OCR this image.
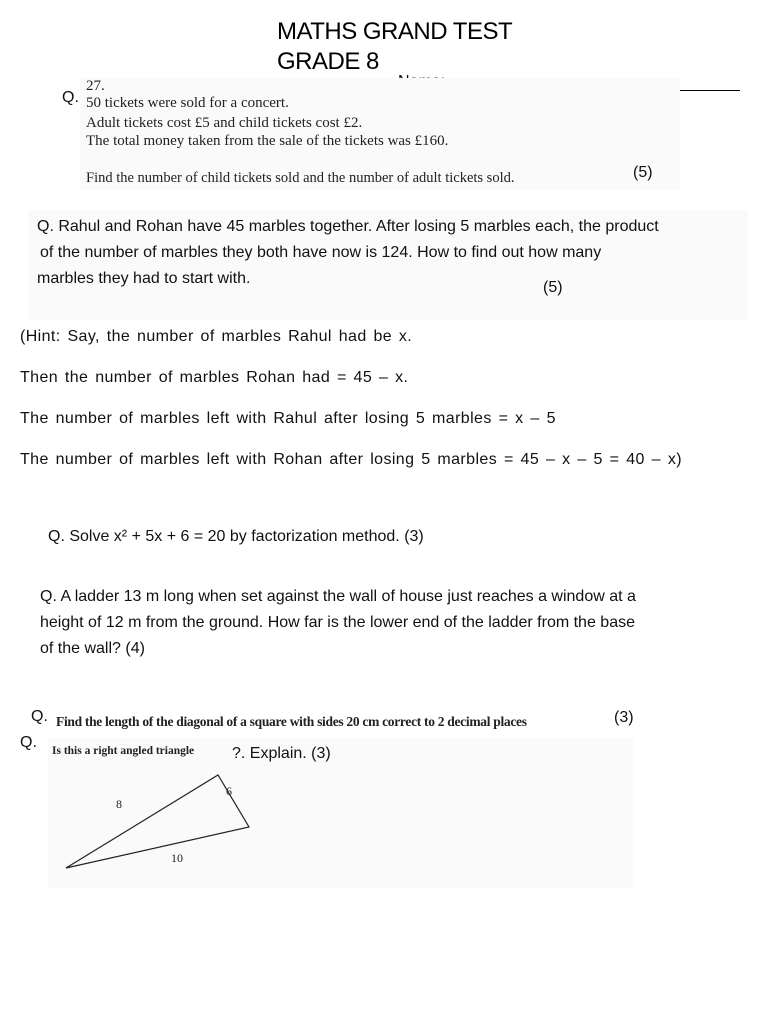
MATHS GRAND TEST
GRADE 8
Q.
27.
50 tickets were sold for a concert.
Adult tickets cost £5 and child tickets cost £2.
The total money taken from the sale of the tickets was £160.
Find the number of child tickets sold and the number of adult tickets sold.	(5)
Q. Rahul and Rohan have 45 marbles together. After losing 5 marbles each, the product
of the number of marbles they both have now is 124. How to find out how many
marbles they had to start with.
(5)
(Hint: Say, the number of marbles Rahul had be x.
Then the number of marbles Rohan had = 45 – x.
The number of marbles left with Rahul after losing 5 marbles = x – 5
The number of marbles left with Rohan after losing 5 marbles = 45 – x – 5 = 40 – x)
Q. Solve x² + 5x + 6 = 20 by factorization method. (3)
Q. A ladder 13 m long when set against the wall of house just reaches a window at a
height of 12 m from the ground. How far is the lower end of the ladder from the base
of the wall? (4)
Q. Find the length of the diagonal of a square with sides 20 cm correct to 2 decimal places	(3)
Q. Is this a right angled triangle ?. Explain. (3)
8
6
10
